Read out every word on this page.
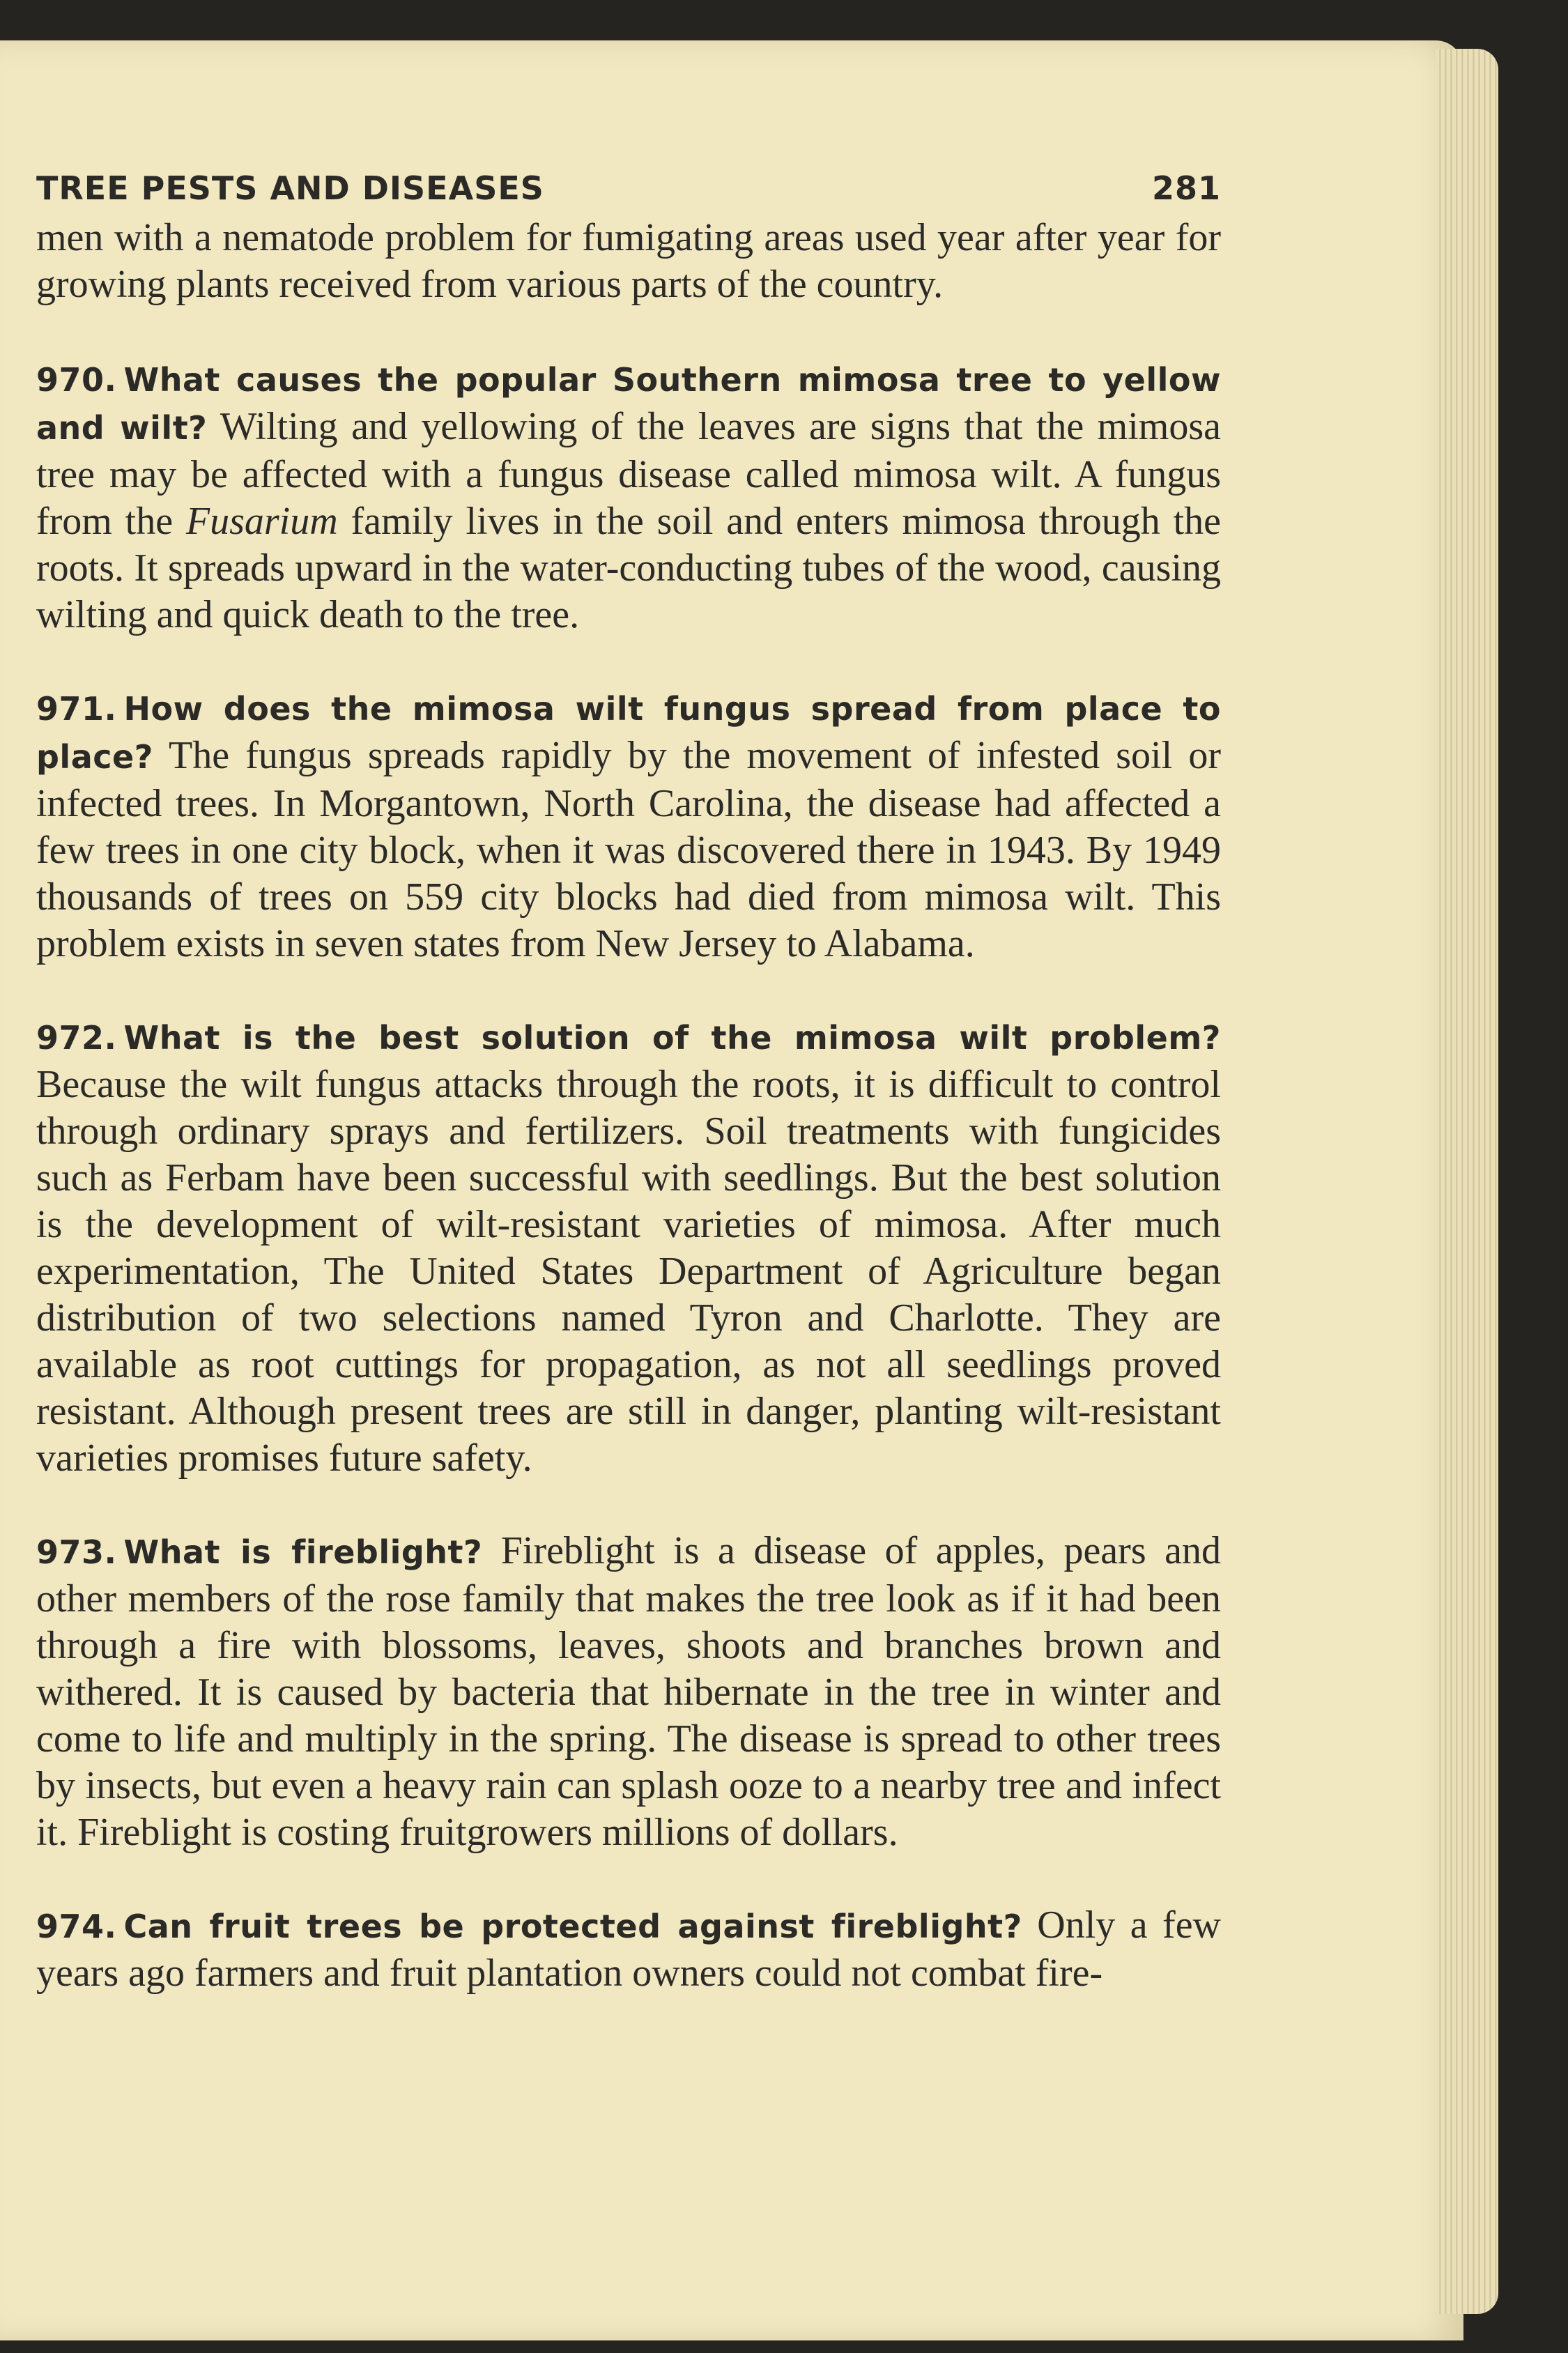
TREE PESTS AND DISEASES	281

men with a nematode problem for fumigating areas used year after year for growing plants received from various parts of the country.

970. What causes the popular Southern mimosa tree to yellow and wilt? Wilting and yellowing of the leaves are signs that the mimosa tree may be affected with a fungus disease called mimosa wilt. A fungus from the Fusarium family lives in the soil and enters mimosa through the roots. It spreads upward in the water-conducting tubes of the wood, causing wilting and quick death to the tree.

971. How does the mimosa wilt fungus spread from place to place? The fungus spreads rapidly by the movement of infested soil or infected trees. In Morgantown, North Carolina, the disease had affected a few trees in one city block, when it was discovered there in 1943. By 1949 thousands of trees on 559 city blocks had died from mimosa wilt. This problem exists in seven states from New Jersey to Alabama.

972. What is the best solution of the mimosa wilt problem? Because the wilt fungus attacks through the roots, it is difficult to control through ordinary sprays and fertilizers. Soil treatments with fungicides such as Ferbam have been successful with seedlings. But the best solution is the development of wilt-resistant varieties of mimosa. After much experimentation, The United States Department of Agriculture began distribution of two selections named Tyron and Charlotte. They are available as root cuttings for propagation, as not all seedlings proved resistant. Although present trees are still in danger, planting wilt-resistant varieties promises future safety.

973. What is fireblight? Fireblight is a disease of apples, pears and other members of the rose family that makes the tree look as if it had been through a fire with blossoms, leaves, shoots and branches brown and withered. It is caused by bacteria that hibernate in the tree in winter and come to life and multiply in the spring. The disease is spread to other trees by insects, but even a heavy rain can splash ooze to a nearby tree and infect it. Fireblight is costing fruitgrowers millions of dollars.

974. Can fruit trees be protected against fireblight? Only a few years ago farmers and fruit plantation owners could not combat fire-
